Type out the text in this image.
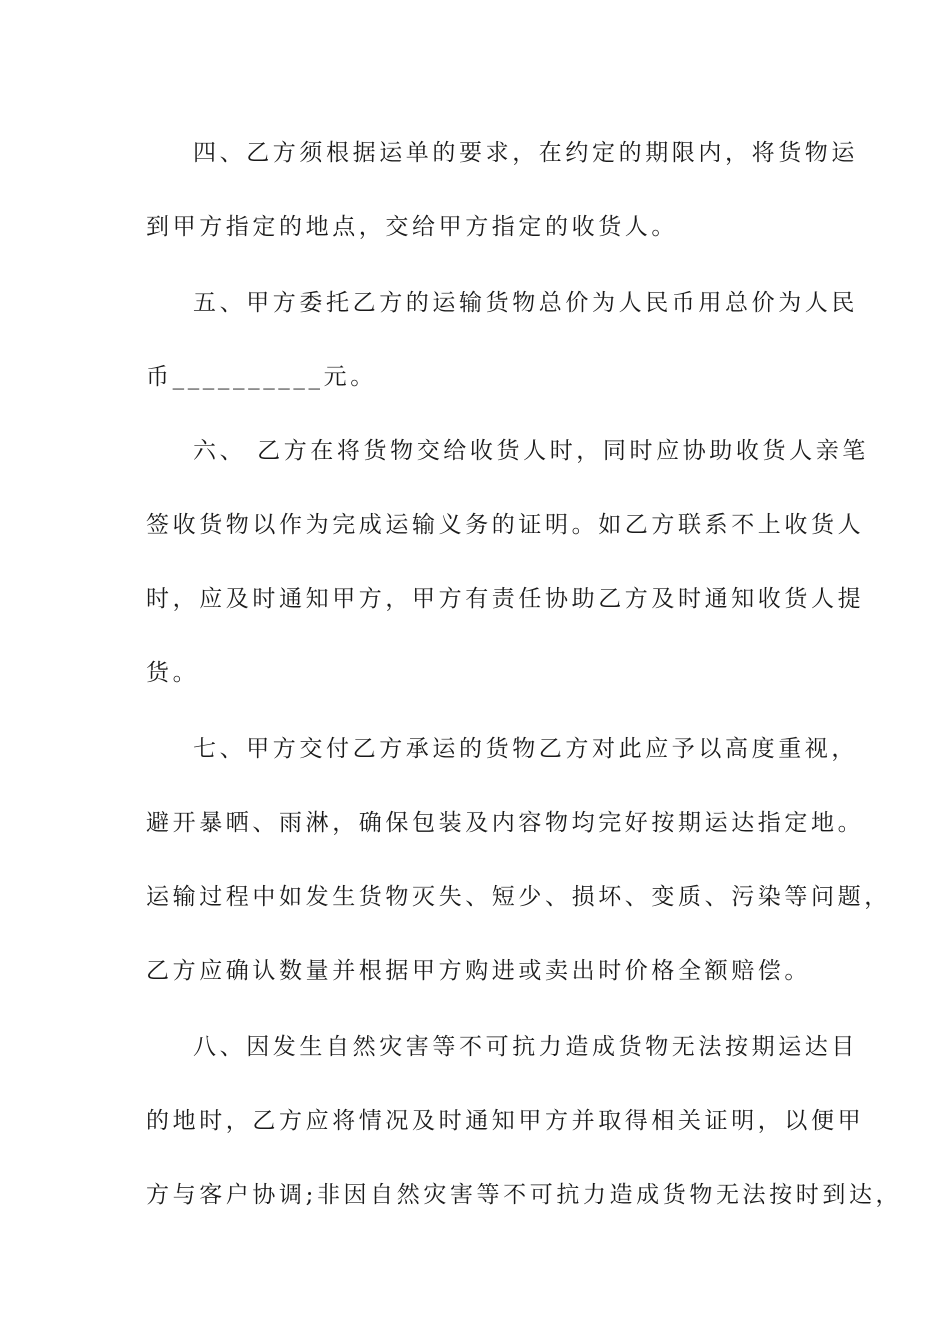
四、乙方须根据运单的要求，在约定的期限内，将货物运
到甲方指定的地点，交给甲方指定的收货人。
五、甲方委托乙方的运输货物总价为人民币用总价为人民
币__________元。
六、 乙方在将货物交给收货人时，同时应协助收货人亲笔
签收货物以作为完成运输义务的证明。如乙方联系不上收货人
时，应及时通知甲方，甲方有责任协助乙方及时通知收货人提
货。
七、甲方交付乙方承运的货物乙方对此应予以高度重视，
避开暴晒、雨淋，确保包装及内容物均完好按期运达指定地。
运输过程中如发生货物灭失、短少、损坏、变质、污染等问题，
乙方应确认数量并根据甲方购进或卖出时价格全额赔偿。
八、因发生自然灾害等不可抗力造成货物无法按期运达目
的地时，乙方应将情况及时通知甲方并取得相关证明，以便甲
方与客户协调;非因自然灾害等不可抗力造成货物无法按时到达，
